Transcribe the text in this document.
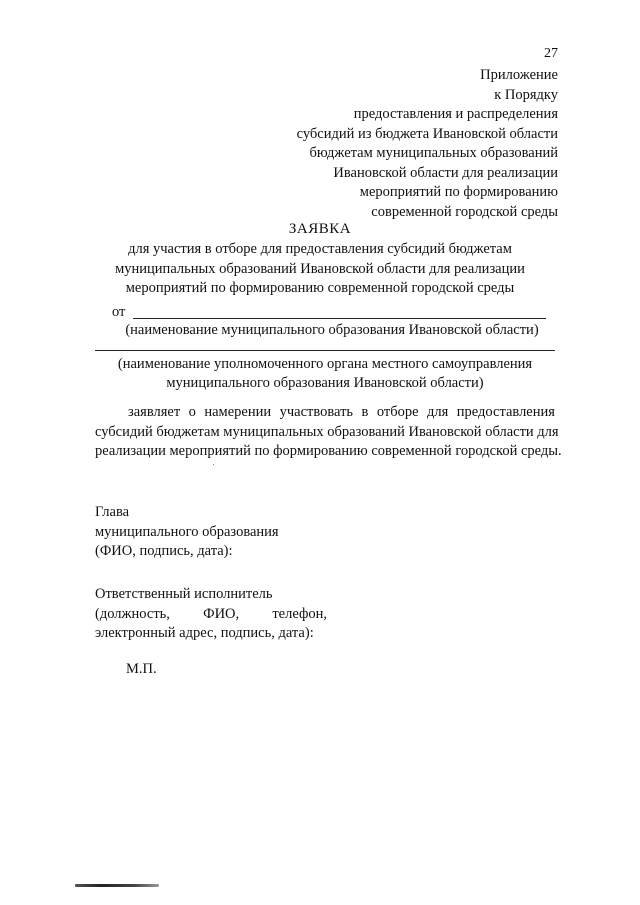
27
Приложение
к Порядку
предоставления и распределения
субсидий из бюджета Ивановской области
бюджетам муниципальных образований
Ивановской области для реализации
мероприятий по формированию
современной городской среды
ЗАЯВКА
для участия в отборе для предоставления субсидий бюджетам
муниципальных образований Ивановской области для реализации
мероприятий по формированию современной городской среды
от
(наименование муниципального образования Ивановской области)
(наименование уполномоченного органа местного самоуправления
муниципального образования Ивановской области)
заявляет о намерении участвовать в отборе для предоставления
субсидий бюджетам муниципальных образований Ивановской области для
реализации мероприятий по формированию современной городской среды.
Глава
муниципального образования
(ФИО, подпись, дата):
Ответственный исполнитель
(должность, ФИО, телефон,
электронный адрес, подпись, дата):
М.П.
